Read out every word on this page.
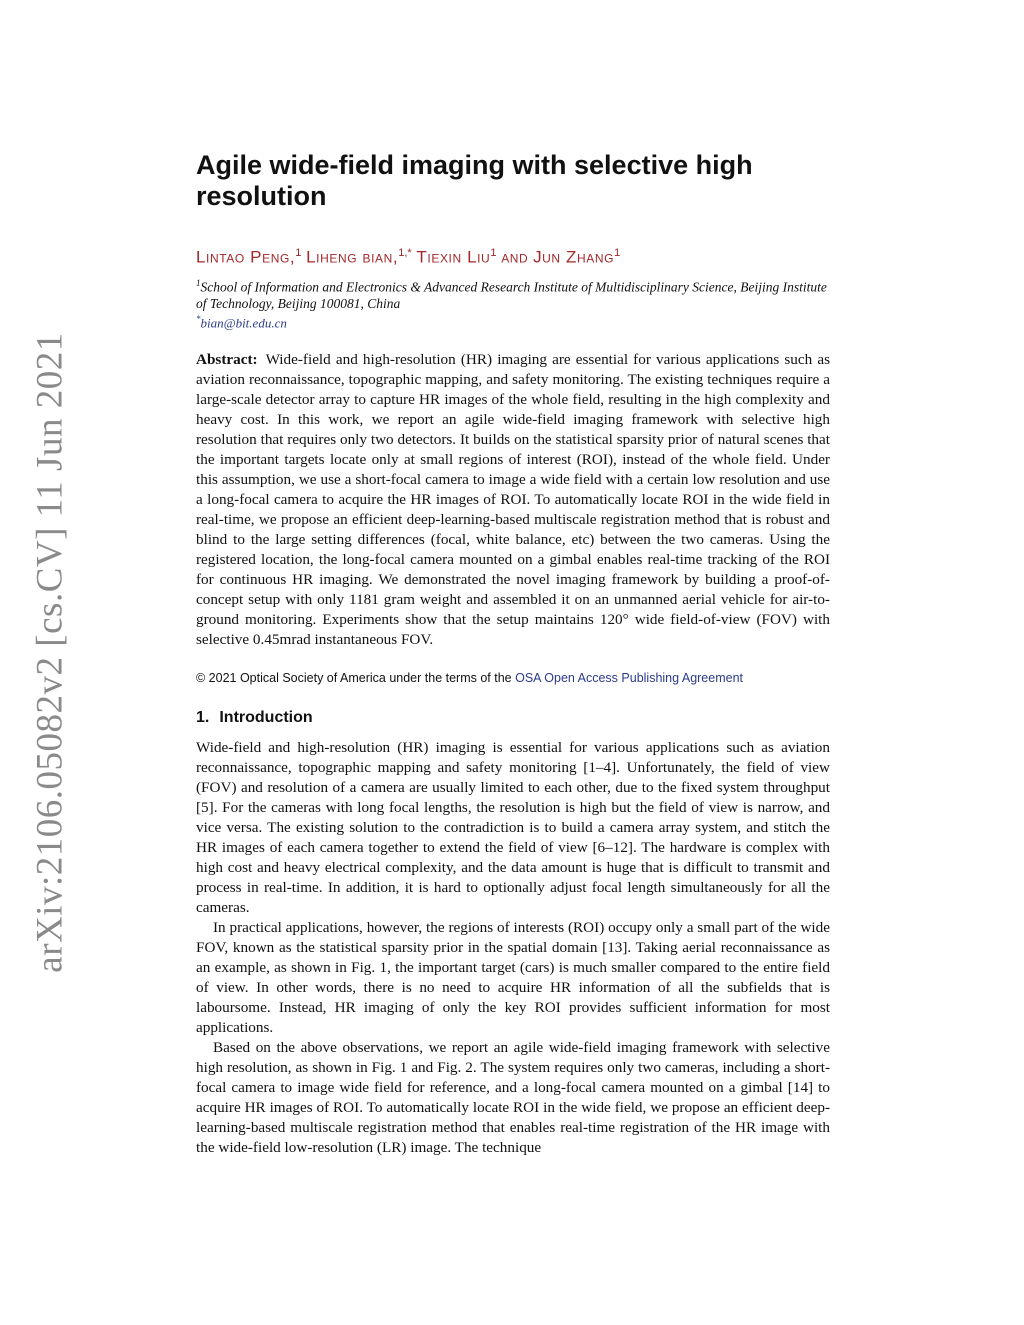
arXiv:2106.05082v2 [cs.CV] 11 Jun 2021
Agile wide-field imaging with selective high resolution
Lintao Peng,$^1$ Liheng bian,$^{1,*}$ Tiexin Liu$^1$ and Jun Zhang$^1$
$^1$School of Information and Electronics & Advanced Research Institute of Multidisciplinary Science, Beijing Institute of Technology, Beijing 100081, China
*bian@bit.edu.cn

Abstract: Wide-field and high-resolution (HR) imaging are essential for various applications such as aviation reconnaissance, topographic mapping, and safety monitoring. The existing techniques require a large-scale detector array to capture HR images of the whole field, resulting in the high complexity and heavy cost. In this work, we report an agile wide-field imaging framework with selective high resolution that requires only two detectors. It builds on the statistical sparsity prior of natural scenes that the important targets locate only at small regions of interest (ROI), instead of the whole field. Under this assumption, we use a short-focal camera to image a wide field with a certain low resolution and use a long-focal camera to acquire the HR images of ROI. To automatically locate ROI in the wide field in real-time, we propose an efficient deep-learning-based multiscale registration method that is robust and blind to the large setting differences (focal, white balance, etc) between the two cameras. Using the registered location, the long-focal camera mounted on a gimbal enables real-time tracking of the ROI for continuous HR imaging. We demonstrated the novel imaging framework by building a proof-of-concept setup with only 1181 gram weight and assembled it on an unmanned aerial vehicle for air-to-ground monitoring. Experiments show that the setup maintains 120° wide field-of-view (FOV) with selective 0.45mrad instantaneous FOV.

© 2021 Optical Society of America under the terms of the OSA Open Access Publishing Agreement
1. Introduction

Wide-field and high-resolution (HR) imaging is essential for various applications such as aviation reconnaissance, topographic mapping and safety monitoring [1–4]. Unfortunately, the field of view (FOV) and resolution of a camera are usually limited to each other, due to the fixed system throughput [5]. For the cameras with long focal lengths, the resolution is high but the field of view is narrow, and vice versa. The existing solution to the contradiction is to build a camera array system, and stitch the HR images of each camera together to extend the field of view [6–12]. The hardware is complex with high cost and heavy electrical complexity, and the data amount is huge that is difficult to transmit and process in real-time. In addition, it is hard to optionally adjust focal length simultaneously for all the cameras.

In practical applications, however, the regions of interests (ROI) occupy only a small part of the wide FOV, known as the statistical sparsity prior in the spatial domain [13]. Taking aerial reconnaissance as an example, as shown in Fig. 1, the important target (cars) is much smaller compared to the entire field of view. In other words, there is no need to acquire HR information of all the subfields that is laboursome. Instead, HR imaging of only the key ROI provides sufficient information for most applications.

Based on the above observations, we report an agile wide-field imaging framework with selective high resolution, as shown in Fig. 1 and Fig. 2. The system requires only two cameras, including a short-focal camera to image wide field for reference, and a long-focal camera mounted on a gimbal [14] to acquire HR images of ROI. To automatically locate ROI in the wide field, we propose an efficient deep-learning-based multiscale registration method that enables real-time registration of the HR image with the wide-field low-resolution (LR) image. The technique
